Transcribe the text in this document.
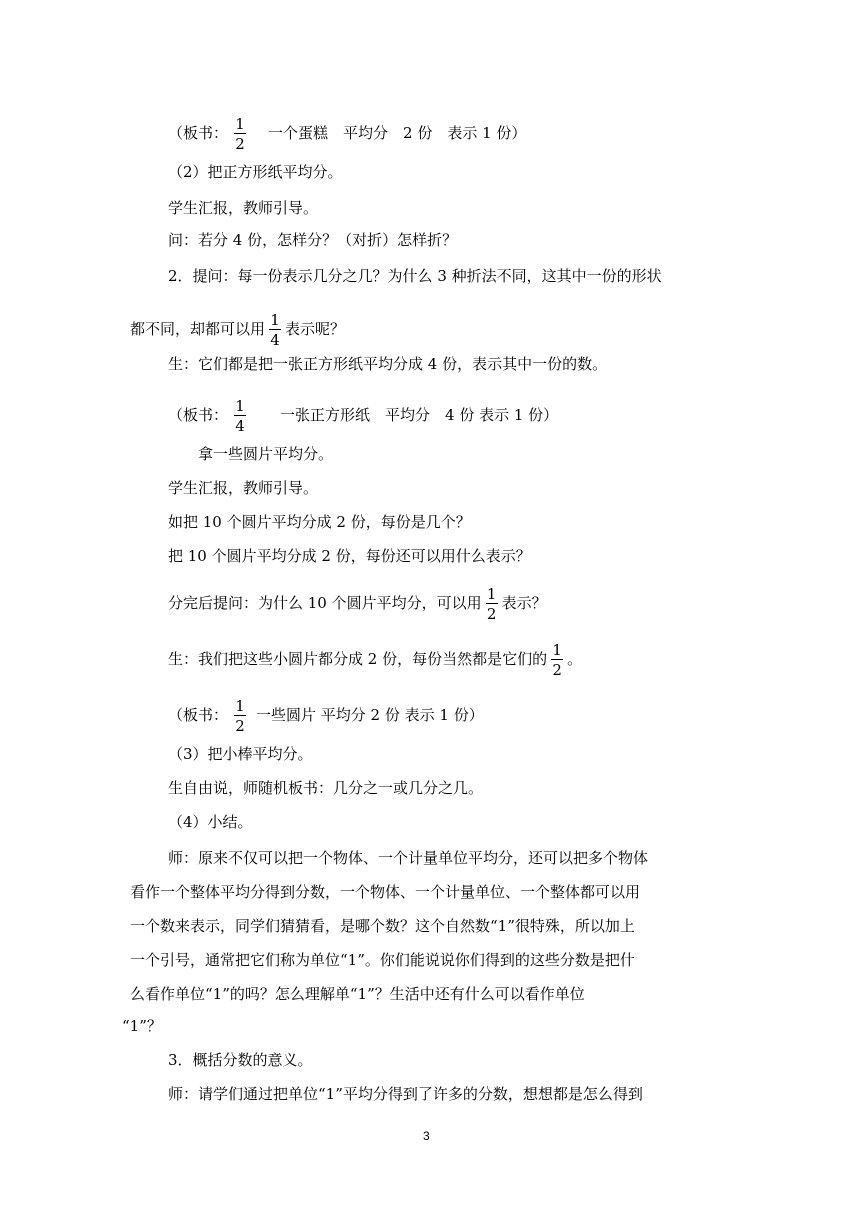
（板书： $\frac{1}{2}$ 一个蛋糕　平均分　2 份　表示 1 份）
（2）把正方形纸平均分。
学生汇报，教师引导。
问：若分 4 份，怎样分？（对折）怎样折？
2．提问：每一份表示几分之几？为什么 3 种折法不同，这其中一份的形状
都不同，却都可以用 $\frac{1}{4}$ 表示呢？
生：它们都是把一张正方形纸平均分成 4 份，表示其中一份的数。
（板书： $\frac{1}{4}$ 一张正方形纸　平均分　4 份 表示 1 份）
拿一些圆片平均分。
学生汇报，教师引导。
如把 10 个圆片平均分成 2 份，每份是几个？
把 10 个圆片平均分成 2 份，每份还可以用什么表示？
分完后提问：为什么 10 个圆片平均分，可以用 $\frac{1}{2}$ 表示？
生：我们把这些小圆片都分成 2 份，每份当然都是它们的 $\frac{1}{2}$ 。
（板书： $\frac{1}{2}$ 一些圆片 平均分 2 份 表示 1 份）
（3）把小棒平均分。
生自由说，师随机板书：几分之一或几分之几。
（4）小结。
师：原来不仅可以把一个物体、一个计量单位平均分，还可以把多个物体
看作一个整体平均分得到分数，一个物体、一个计量单位、一个整体都可以用
一个数来表示，同学们猜猜看，是哪个数？这个自然数“1”很特殊，所以加上
一个引号，通常把它们称为单位“1”。你们能说说你们得到的这些分数是把什
么看作单位“1”的吗？怎么理解单“1”？生活中还有什么可以看作单位
“1”？
3．概括分数的意义。
师：请学们通过把单位“1”平均分得到了许多的分数，想想都是怎么得到
3
